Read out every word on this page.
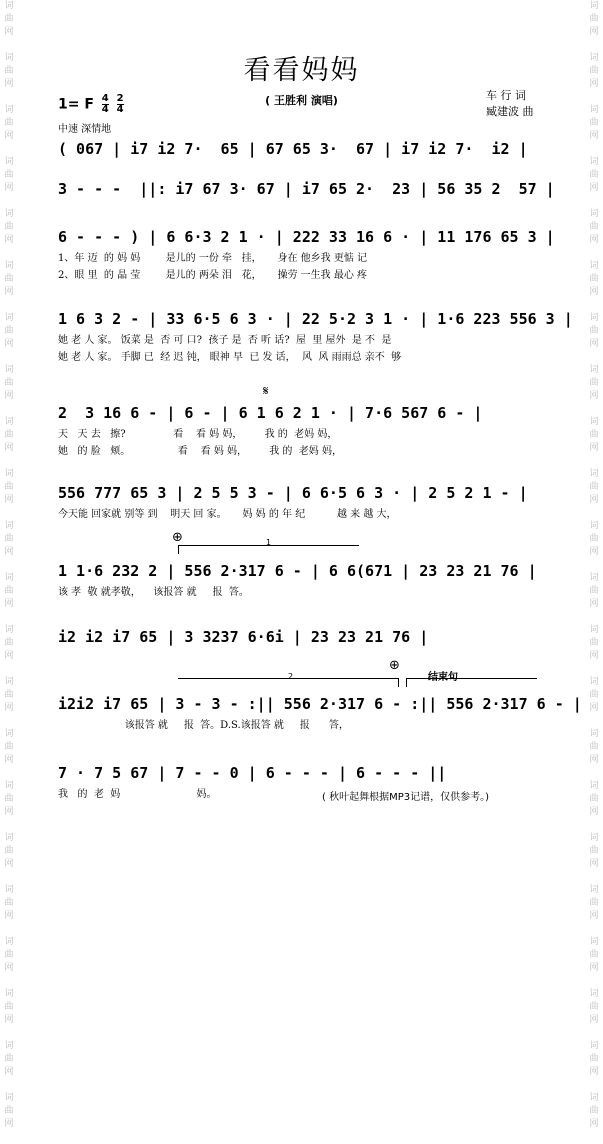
词
曲
网

词
曲
网

词
曲
网

词
曲
网

词
曲
网

词
曲
网

词
曲
网

词
曲
网

词
曲
网

词
曲
网

词
曲
网

词
曲
网

词
曲
网

词
曲
网

词
曲
网

词
曲
网

词
曲
网

词
曲
网

词
曲
网

词
曲
网

词
曲
网

词
曲
网

词
曲
网

词
曲
网

词
曲
网

词
曲
网

词
曲
网

词
曲
网

词
曲
网

词
曲
网

词
曲
网

词
曲
网

词
曲
网

词
曲
网

词
曲
网

词
曲
网

词
曲
网

词
曲
网

词
曲
网

词
曲
网

词
曲
网

词
曲
网

词
曲
网

词
曲
网

看看妈妈
( 王胜利 演唱)	车 行 词
臧建波 曲
1= F $\frac{4}{4}$
$\frac{2}{4}$
中速 深情地
( 067 | i7 i2 7·  65 | 67 65 3·  67 | i7 i2 7·  i2 |
3 - - -  ||: i7 67 3· 67 | i7 65 2·  23 | 56 35 2  57 |
6 - - - ) | 6 6·3 2 1 · | 222 33 16 6 · | 11 176 65 3 |
1、年 迈  的 妈 妈        是儿的 一份 牵   挂，     身在 他乡我 更惦 记
2、眼 里  的 晶 莹        是儿的 两朵 泪   花，     操劳 一生我 最心 疼
1 6 3 2 - | 33 6·5 6 3 · | 22 5·2 3 1 · | 1·6 223 556 3 |
她 老 人 家。 饭菜 是  否 可 口?  孩子 是  否 听 话?  屋  里 屋外  是 不  是
她 老 人 家。 手脚 已  经 迟 钝， 眼神 早  已 发 话，  风  风 雨雨总 亲不  够
2  3 16 6 - | 6 - | 6 1 6 2 1 · | 7·6 567 6 - |
天   天 去   擦?               看    看 妈 妈，       我 的  老妈 妈，
她   的 脸   颊。               看    看 妈 妈，       我 的  老妈 妈，
556 777 65 3 | 2 5 5 3 - | 6 6·5 6 3 · | 2 5 2 1 - |
今天能 回家就 别等 到    明天 回 家。     妈 妈 的 年 纪          越 来 越 大，
1 1·6 232 2 | 556 2·317 6 - | 6 6(671 | 23 23 21 76 |
该 孝  敬 就孝敬，    该报答 就     报  答。
i2 i2 i7 65 | 3 3237 6·6i | 23 23 21 76 |
i2i2 i7 65 | 3 - 3 - :|| 556 2·317 6 - :|| 556 2·317 6 - |
该报答 就     报  答。D.S.该报答 就     报      答，
7 · 7 5 67 | 7 - - 0 | 6 - - - | 6 - - - ||
我   的  老  妈                        妈。
𝄋
⊕
⊕
1
2	结束句
( 秋叶起舞根据MP3记谱，仅供参考。)
